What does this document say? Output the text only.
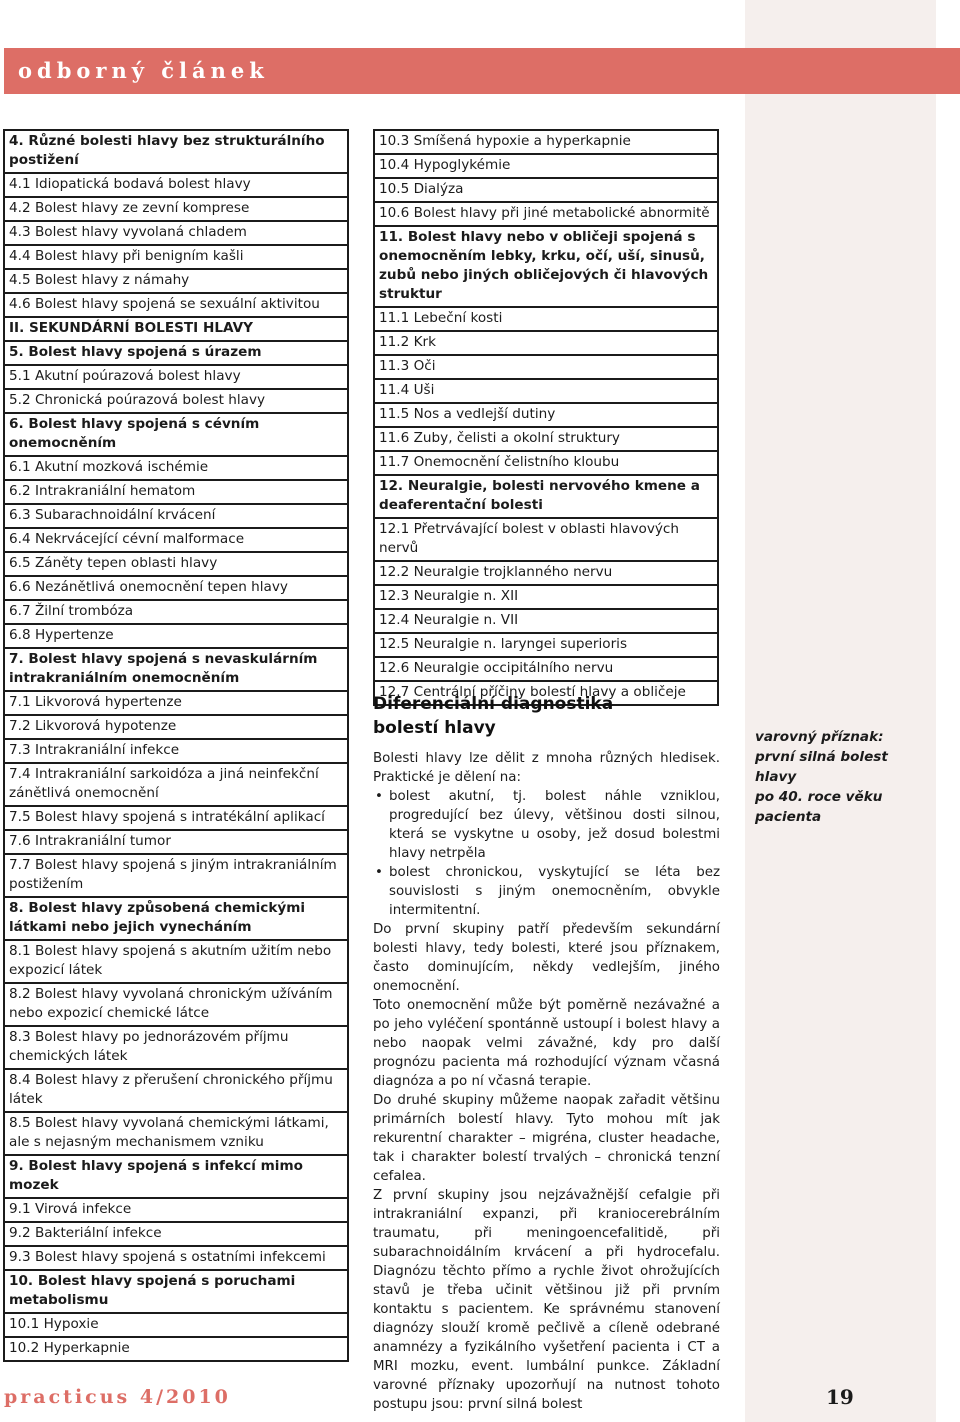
odborný článek
4. Různé bolesti hlavy bez strukturálního postižení
4.1 Idiopatická bodavá bolest hlavy
4.2 Bolest hlavy ze zevní komprese
4.3 Bolest hlavy vyvolaná chladem
4.4 Bolest hlavy při benigním kašli
4.5 Bolest hlavy z námahy
4.6 Bolest hlavy spojená se sexuální aktivitou
II. SEKUNDÁRNÍ BOLESTI HLAVY
5. Bolest hlavy spojená s úrazem
5.1 Akutní poúrazová bolest hlavy
5.2 Chronická poúrazová bolest hlavy
6. Bolest hlavy spojená s cévním onemocněním
6.1 Akutní mozková ischémie
6.2 Intrakraniální hematom
6.3 Subarachnoidální krvácení
6.4 Nekrvácející cévní malformace
6.5 Záněty tepen oblasti hlavy
6.6 Nezánětlivá onemocnění tepen hlavy
6.7 Žilní trombóza
6.8 Hypertenze
7. Bolest hlavy spojená s nevaskulárním intrakraniálním onemocněním
7.1 Likvorová hypertenze
7.2 Likvorová hypotenze
7.3 Intrakraniální infekce
7.4 Intrakraniální sarkoidóza a jiná neinfekční zánětlivá onemocnění
7.5 Bolest hlavy spojená s intratékální aplikací
7.6 Intrakraniální tumor
7.7 Bolest hlavy spojená s jiným intrakraniálním postižením
8. Bolest hlavy způsobená chemickými látkami nebo jejich vynecháním
8.1 Bolest hlavy spojená s akutním užitím nebo expozicí látek
8.2 Bolest hlavy vyvolaná chronickým užíváním nebo expozicí chemické látce
8.3 Bolest hlavy po jednorázovém příjmu chemických látek
8.4 Bolest hlavy z přerušení chronického příjmu látek
8.5 Bolest hlavy vyvolaná chemickými látkami, ale s nejasným mechanismem vzniku
9. Bolest hlavy spojená s infekcí mimo mozek
9.1 Virová infekce
9.2 Bakteriální infekce
9.3 Bolest hlavy spojená s ostatními infekcemi
10. Bolest hlavy spojená s poruchami metabolismu
10.1 Hypoxie
10.2 Hyperkapnie
10.3 Smíšená hypoxie a hyperkapnie
10.4 Hypoglykémie
10.5 Dialýza
10.6 Bolest hlavy při jiné metabolické abnormitě
11. Bolest hlavy nebo v obličeji spojená s onemocněním lebky, krku, očí, uší, sinusů, zubů nebo jiných obličejových či hlavových struktur
11.1 Lebeční kosti
11.2 Krk
11.3 Oči
11.4 Uši
11.5 Nos a vedlejší dutiny
11.6 Zuby, čelisti a okolní struktury
11.7 Onemocnění čelistního kloubu
12. Neuralgie, bolesti nervového kmene a deaferentační bolesti
12.1 Přetrvávající bolest v oblasti hlavových nervů
12.2 Neuralgie trojklanného nervu
12.3 Neuralgie n. XII
12.4 Neuralgie n. VII
12.5 Neuralgie n. laryngei superioris
12.6 Neuralgie occipitálního nervu
12.7 Centrální příčiny bolestí hlavy a obličeje
Diferenciální diagnostika
bolestí hlavy

Bolesti hlavy lze dělit z mnoha různých hledisek. Praktické je dělení na:

• bolest akutní, tj. bolest náhle vzniklou, progredující bez úlevy, většinou dosti silnou, která se vyskytne u osoby, jež dosud bolestmi hlavy netrpěla
• bolest chronickou, vyskytující se léta bez souvislosti s jiným onemocněním, obvykle intermitentní.

Do první skupiny patří především sekundární bolesti hlavy, tedy bolesti, které jsou příznakem, často dominujícím, někdy vedlejším, jiného onemocnění.

Toto onemocnění může být poměrně nezávažné a po jeho vyléčení spontánně ustoupí i bolest hlavy a nebo naopak velmi závažné, kdy pro další prognózu pacienta má rozhodující význam včasná diagnóza a po ní včasná terapie.

Do druhé skupiny můžeme naopak zařadit většinu primárních bolestí hlavy. Tyto mohou mít jak rekurentní charakter – migréna, cluster headache, tak i charakter bolestí trvalých – chronická tenzní cefalea.

Z první skupiny jsou nejzávažnější cefalgie při intrakraniální expanzi, při kraniocerebrálním traumatu, při meningoencefalitidě, při subarachnoidálním krvácení a při hydrocefalu. Diagnózu těchto přímo a rychle život ohrožujících stavů je třeba učinit většinou již při prvním kontaktu s pacientem. Ke správnému stanovení diagnózy slouží kromě pečlivě a cíleně odebrané anamnézy a fyzikálního vyšetření pacienta i CT a MRI mozku, event. lumbální punkce. Základní varovné příznaky upozorňují na nutnost tohoto postupu jsou: první silná bolest

varovný příznak:
první silná bolest hlavy
po 40. roce věku
pacienta
practicus 4/2010	19
